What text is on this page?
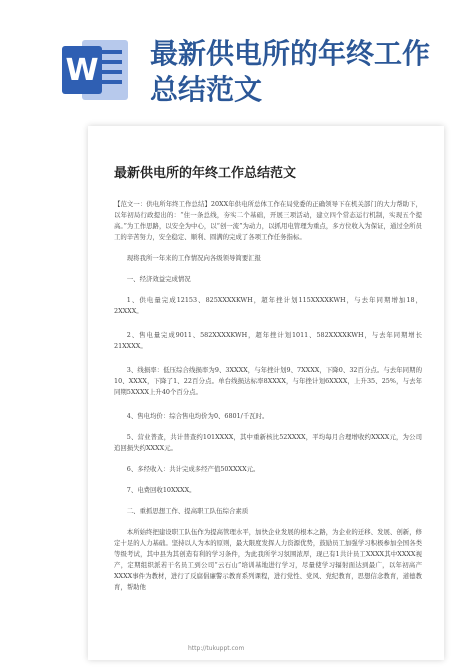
W 最新供电所的年终工作
总结范文
最新供电所的年终工作总结范文
【范文一：供电所年终工作总结】20XX年供电所总体工作在局党委的正确领导下在机关部门的大力帮助下，以年初局行政提出的：“住一条总线，夯实二个基础，开展三项活动，建立四个常态运行机制，实现五个提高。”为工作思路，以安全为中心，以“创一流”为动力，以抓用电管理为重点，多方位收入为保证，通过全所员工的辛苦努力，安全稳定、顺利、圆满的完成了各项工作任务指标。
现将我所一年来的工作情况向各级领导简要汇报
一、经济效益完成情况
1、供电量完成12153、825XXXXKWH，超年挫计划115XXXXKWH，与去年同期增加18，2XXXX。
2、售电量完成9011、582XXXXKWH，超年挫计划1011、582XXXXKWH，与去年同期增长21XXXX。
3、线损率：低压综合线损率为9、3XXXX，与年挫计划9、7XXXX，下降0、32百分点。与去年同期的10、XXXX，下降了1、22百分点。单台线损达标率8XXXX，与年挫计划6XXXX，上升35、25%，与去年同期5XXXX上升40个百分点。
4、售电均价：综合售电均价为0、6801/千瓦时。
5、营业普查，共计普查约101XXXX，其中重新核比52XXXX，平均每月合理增收约XXXX元，为公司追回损失约XXXX元。
6、多经收入：共计完成多经产值50XXXX元。
7、电费回收10XXXX。
二、重抓思想工作、提高职工队伍综合素质
本所始终把建设职工队伍作为提高管理水平，加快企业发展的根本之路，为企业的迁移、发展、创新，修定十足的人力基础。坚持以人为本的原则，最大限度发挥人力资源优势，鼓励员工加强学习积极参加全国各类等级考试，其中县为其创造有利的学习条件，为此我所学习氛围浓厚，现已有1共计员工XXXX其中XXXX视产，定期组织派若干名员工到公司“云石山”培训基地进行学习，尽量使学习辐射面达到最广，以年初高产XXXX事件为教材，进行了反腐倡廉警示教育系列课程，进行党性、党风、党纪教育，思想信念教育，道德教育，帮助他
http://tukuppt.com
